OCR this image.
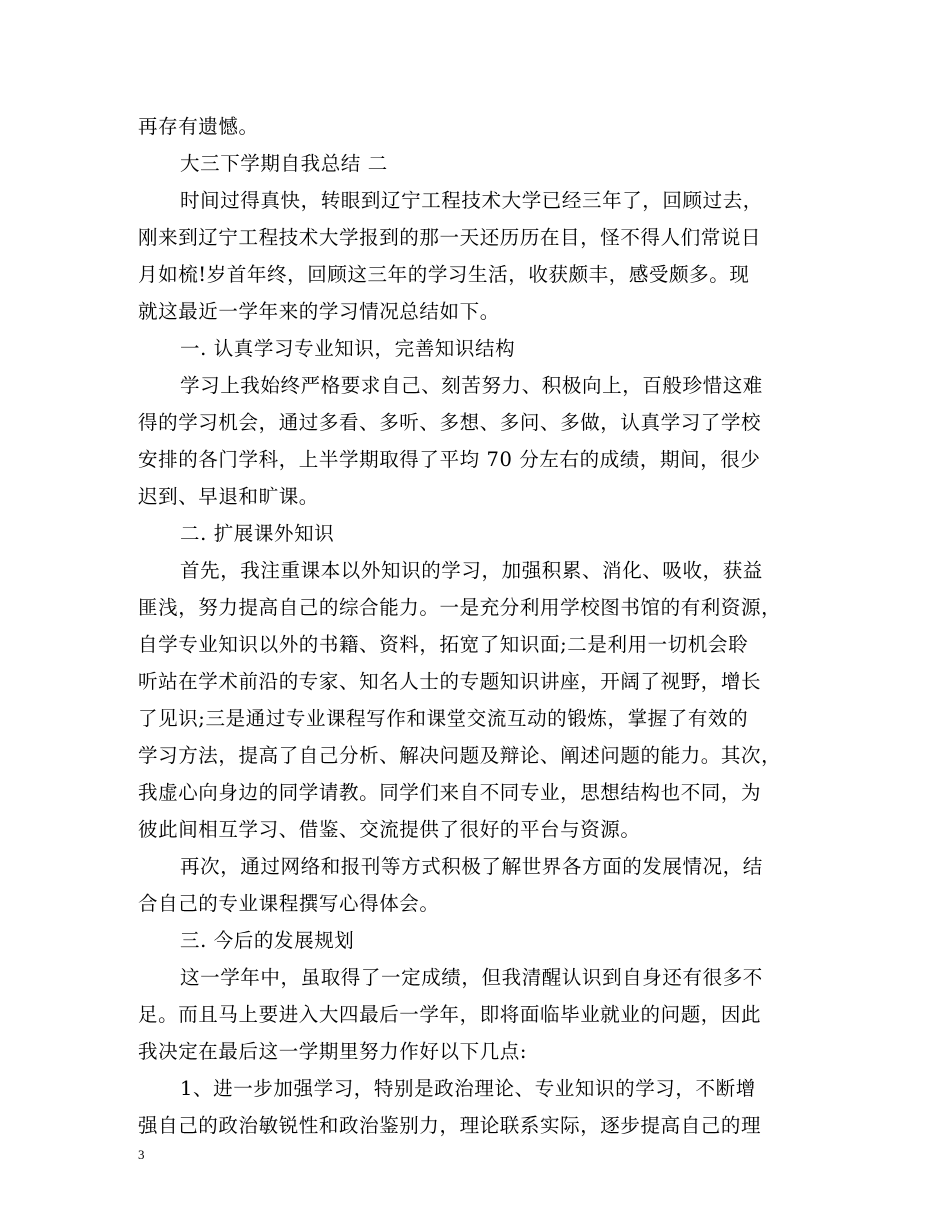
再存有遗憾。
大三下学期自我总结 二
时间过得真快，转眼到辽宁工程技术大学已经三年了，回顾过去，
刚来到辽宁工程技术大学报到的那一天还历历在目，怪不得人们常说日
月如梳!岁首年终，回顾这三年的学习生活，收获颇丰，感受颇多。现
就这最近一学年来的学习情况总结如下。
一. 认真学习专业知识，完善知识结构
学习上我始终严格要求自己、刻苦努力、积极向上，百般珍惜这难
得的学习机会，通过多看、多听、多想、多问、多做，认真学习了学校
安排的各门学科，上半学期取得了平均 70 分左右的成绩，期间，很少
迟到、早退和旷课。
二. 扩展课外知识
首先，我注重课本以外知识的学习，加强积累、消化、吸收，获益
匪浅，努力提高自己的综合能力。一是充分利用学校图书馆的有利资源，
自学专业知识以外的书籍、资料，拓宽了知识面;二是利用一切机会聆
听站在学术前沿的专家、知名人士的专题知识讲座，开阔了视野，增长
了见识;三是通过专业课程写作和课堂交流互动的锻炼，掌握了有效的
学习方法，提高了自己分析、解决问题及辩论、阐述问题的能力。其次，
我虚心向身边的同学请教。同学们来自不同专业，思想结构也不同，为
彼此间相互学习、借鉴、交流提供了很好的平台与资源。
再次，通过网络和报刊等方式积极了解世界各方面的发展情况，结
合自己的专业课程撰写心得体会。
三. 今后的发展规划
这一学年中，虽取得了一定成绩，但我清醒认识到自身还有很多不
足。而且马上要进入大四最后一学年，即将面临毕业就业的问题，因此
我决定在最后这一学期里努力作好以下几点:
1、进一步加强学习，特别是政治理论、专业知识的学习，不断增
强自己的政治敏锐性和政治鉴别力，理论联系实际，逐步提高自己的理
3
